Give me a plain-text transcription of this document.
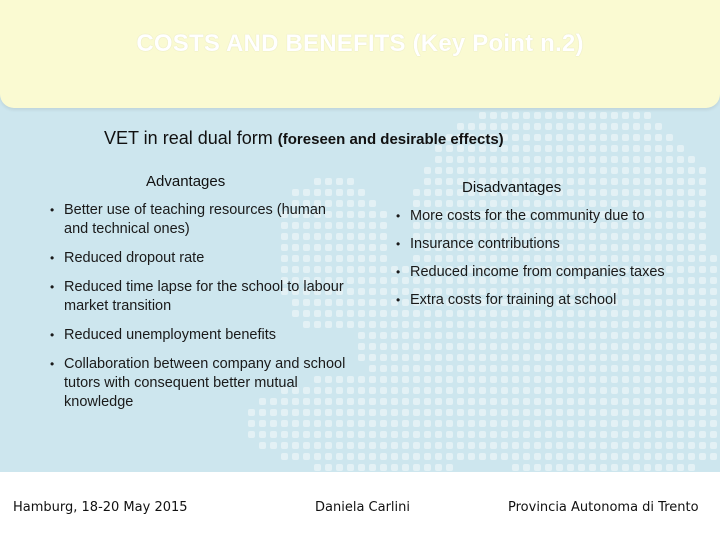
COSTS AND BENEFITS (Key Point n.2)
VET in real dual form (foreseen and desirable effects)
Advantages	Disadvantages
• Better use of teaching resources (human and technical ones)
• Reduced dropout rate
• Reduced time lapse for the school to labour market transition
• Reduced unemployment benefits
• Collaboration between company and school tutors with consequent better mutual knowledge
• More costs for the community due to
• Insurance contributions
• Reduced income from companies taxes
• Extra costs for training at school
Hamburg, 18-20 May 2015	Daniela Carlini	Provincia Autonoma di Trento
